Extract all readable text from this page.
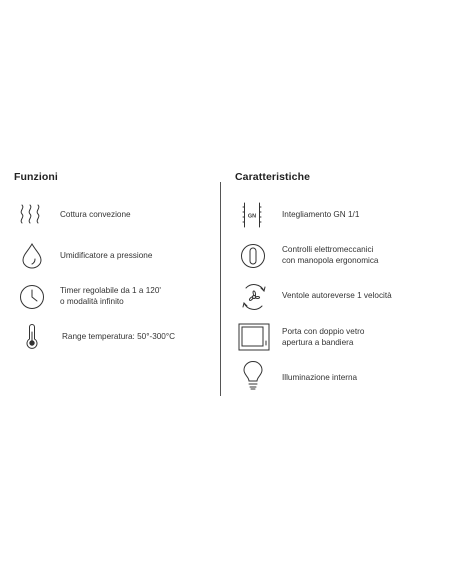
Funzioni	Caratteristiche
Cottura convezione
Umidificatore a pressione
Timer regolabile da 1 a 120'
o modalità infinito
Range temperatura: 50°-300°C
GN	Integliamento GN 1/1
Controlli elettromeccanici
con manopola ergonomica
Ventole autoreverse 1 velocità
Porta con doppio vetro
apertura a bandiera
Illuminazione interna
